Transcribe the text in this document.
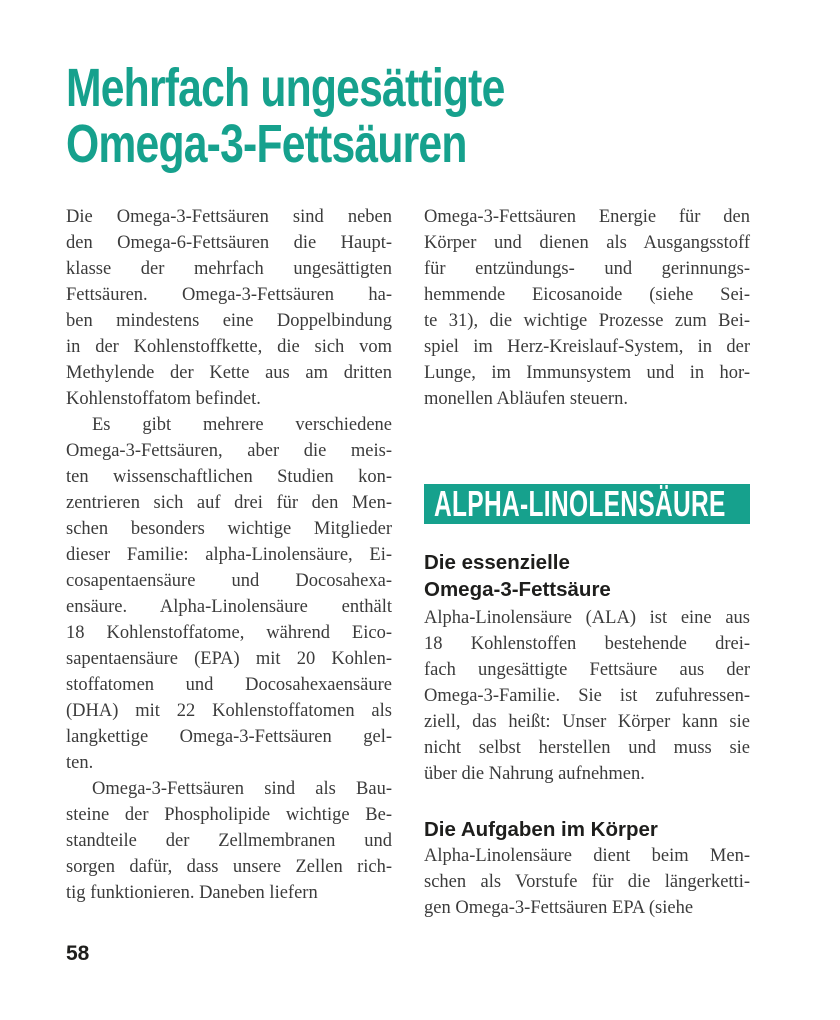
Mehrfach ungesättigte
Omega-3-Fettsäuren
Die Omega-3-Fettsäuren sind neben
den Omega-6-Fettsäuren die Haupt-
klasse der mehrfach ungesättigten
Fettsäuren. Omega-3-Fettsäuren ha-
ben mindestens eine Doppelbindung
in der Kohlenstoffkette, die sich vom
Methylende der Kette aus am dritten
Kohlenstoffatom befindet.
Es gibt mehrere verschiedene
Omega-3-Fettsäuren, aber die meis-
ten wissenschaftlichen Studien kon-
zentrieren sich auf drei für den Men-
schen besonders wichtige Mitglieder
dieser Familie: alpha-Linolensäure, Ei-
cosapentaensäure und Docosahexa-
ensäure. Alpha-Linolensäure enthält
18 Kohlenstoffatome, während Eico-
sapentaensäure (EPA) mit 20 Kohlen-
stoffatomen und Docosahexaensäure
(DHA) mit 22 Kohlenstoffatomen als
langkettige Omega-3-Fettsäuren gel-
ten.
Omega-3-Fettsäuren sind als Bau-
steine der Phospholipide wichtige Be-
standteile der Zellmembranen und
sorgen dafür, dass unsere Zellen rich-
tig funktionieren. Daneben liefern
Omega-3-Fettsäuren Energie für den
Körper und dienen als Ausgangsstoff
für entzündungs- und gerinnungs-
hemmende Eicosanoide (siehe Sei-
te 31), die wichtige Prozesse zum Bei-
spiel im Herz-Kreislauf-System, in der
Lunge, im Immunsystem und in hor-
monellen Abläufen steuern.
ALPHA-LINOLENSÄURE
Die essenzielle
Omega-3-Fettsäure
Alpha-Linolensäure (ALA) ist eine aus
18 Kohlenstoffen bestehende drei-
fach ungesättigte Fettsäure aus der
Omega-3-Familie. Sie ist zufuhressen-
ziell, das heißt: Unser Körper kann sie
nicht selbst herstellen und muss sie
über die Nahrung aufnehmen.
Die Aufgaben im Körper
Alpha-Linolensäure dient beim Men-
schen als Vorstufe für die längerketti-
gen Omega-3-Fettsäuren EPA (siehe
58
